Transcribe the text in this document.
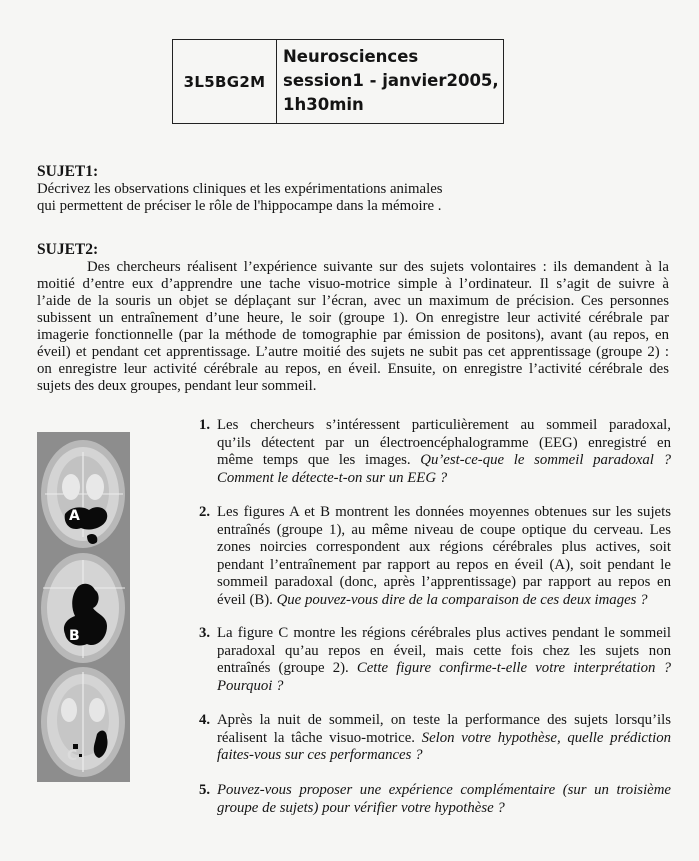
3L5BG2M
Neurosciences
session1 - janvier2005,
1h30min
SUJET1:
Décrivez les observations cliniques et les expérimentations animales
qui permettent de préciser le rôle de l'hippocampe dans la mémoire .
SUJET2:
Des chercheurs réalisent l’expérience suivante sur des sujets volontaires : ils demandent à la
moitié d’entre eux d’apprendre une tache visuo-motrice simple à l’ordinateur. Il s’agit de suivre à
l’aide de la souris un objet se déplaçant sur l’écran, avec un maximum de précision. Ces personnes
subissent un entraînement d’une heure, le soir (groupe 1). On enregistre leur activité cérébrale par
imagerie fonctionnelle (par la méthode de tomographie par émission de positons), avant (au repos, en
éveil) et pendant cet apprentissage. L’autre moitié des sujets ne subit pas cet apprentissage (groupe 2) :
on enregistre leur activité cérébrale au repos, en éveil. Ensuite, on enregistre l’activité cérébrale des
sujets des deux groupes, pendant leur sommeil.
A
B
C
1. Les chercheurs s’intéressent particulièrement au sommeil paradoxal,
qu’ils détectent par un électroencéphalogramme (EEG) enregistré en
même temps que les images. Qu’est-ce-que le sommeil paradoxal ?
Comment le détecte-t-on sur un EEG ?
2. Les figures A et B montrent les données moyennes obtenues sur les sujets
entraînés (groupe 1), au même niveau de coupe optique du cerveau. Les
zones noircies correspondent aux régions cérébrales plus actives, soit
pendant l’entraînement par rapport au repos en éveil (A), soit pendant le
sommeil paradoxal (donc, après l’apprentissage) par rapport au repos en
éveil (B). Que pouvez-vous dire de la comparaison de ces deux images ?
3. La figure C montre les régions cérébrales plus actives pendant le sommeil
paradoxal qu’au repos en éveil, mais cette fois chez les sujets non
entraînés (groupe 2). Cette figure confirme-t-elle votre interprétation ?
Pourquoi ?
4. Après la nuit de sommeil, on teste la performance des sujets lorsqu’ils
réalisent la tâche visuo-motrice. Selon votre hypothèse, quelle prédiction
faites-vous sur ces performances ?
5. Pouvez-vous proposer une expérience complémentaire (sur un troisième
groupe de sujets) pour vérifier votre hypothèse ?
